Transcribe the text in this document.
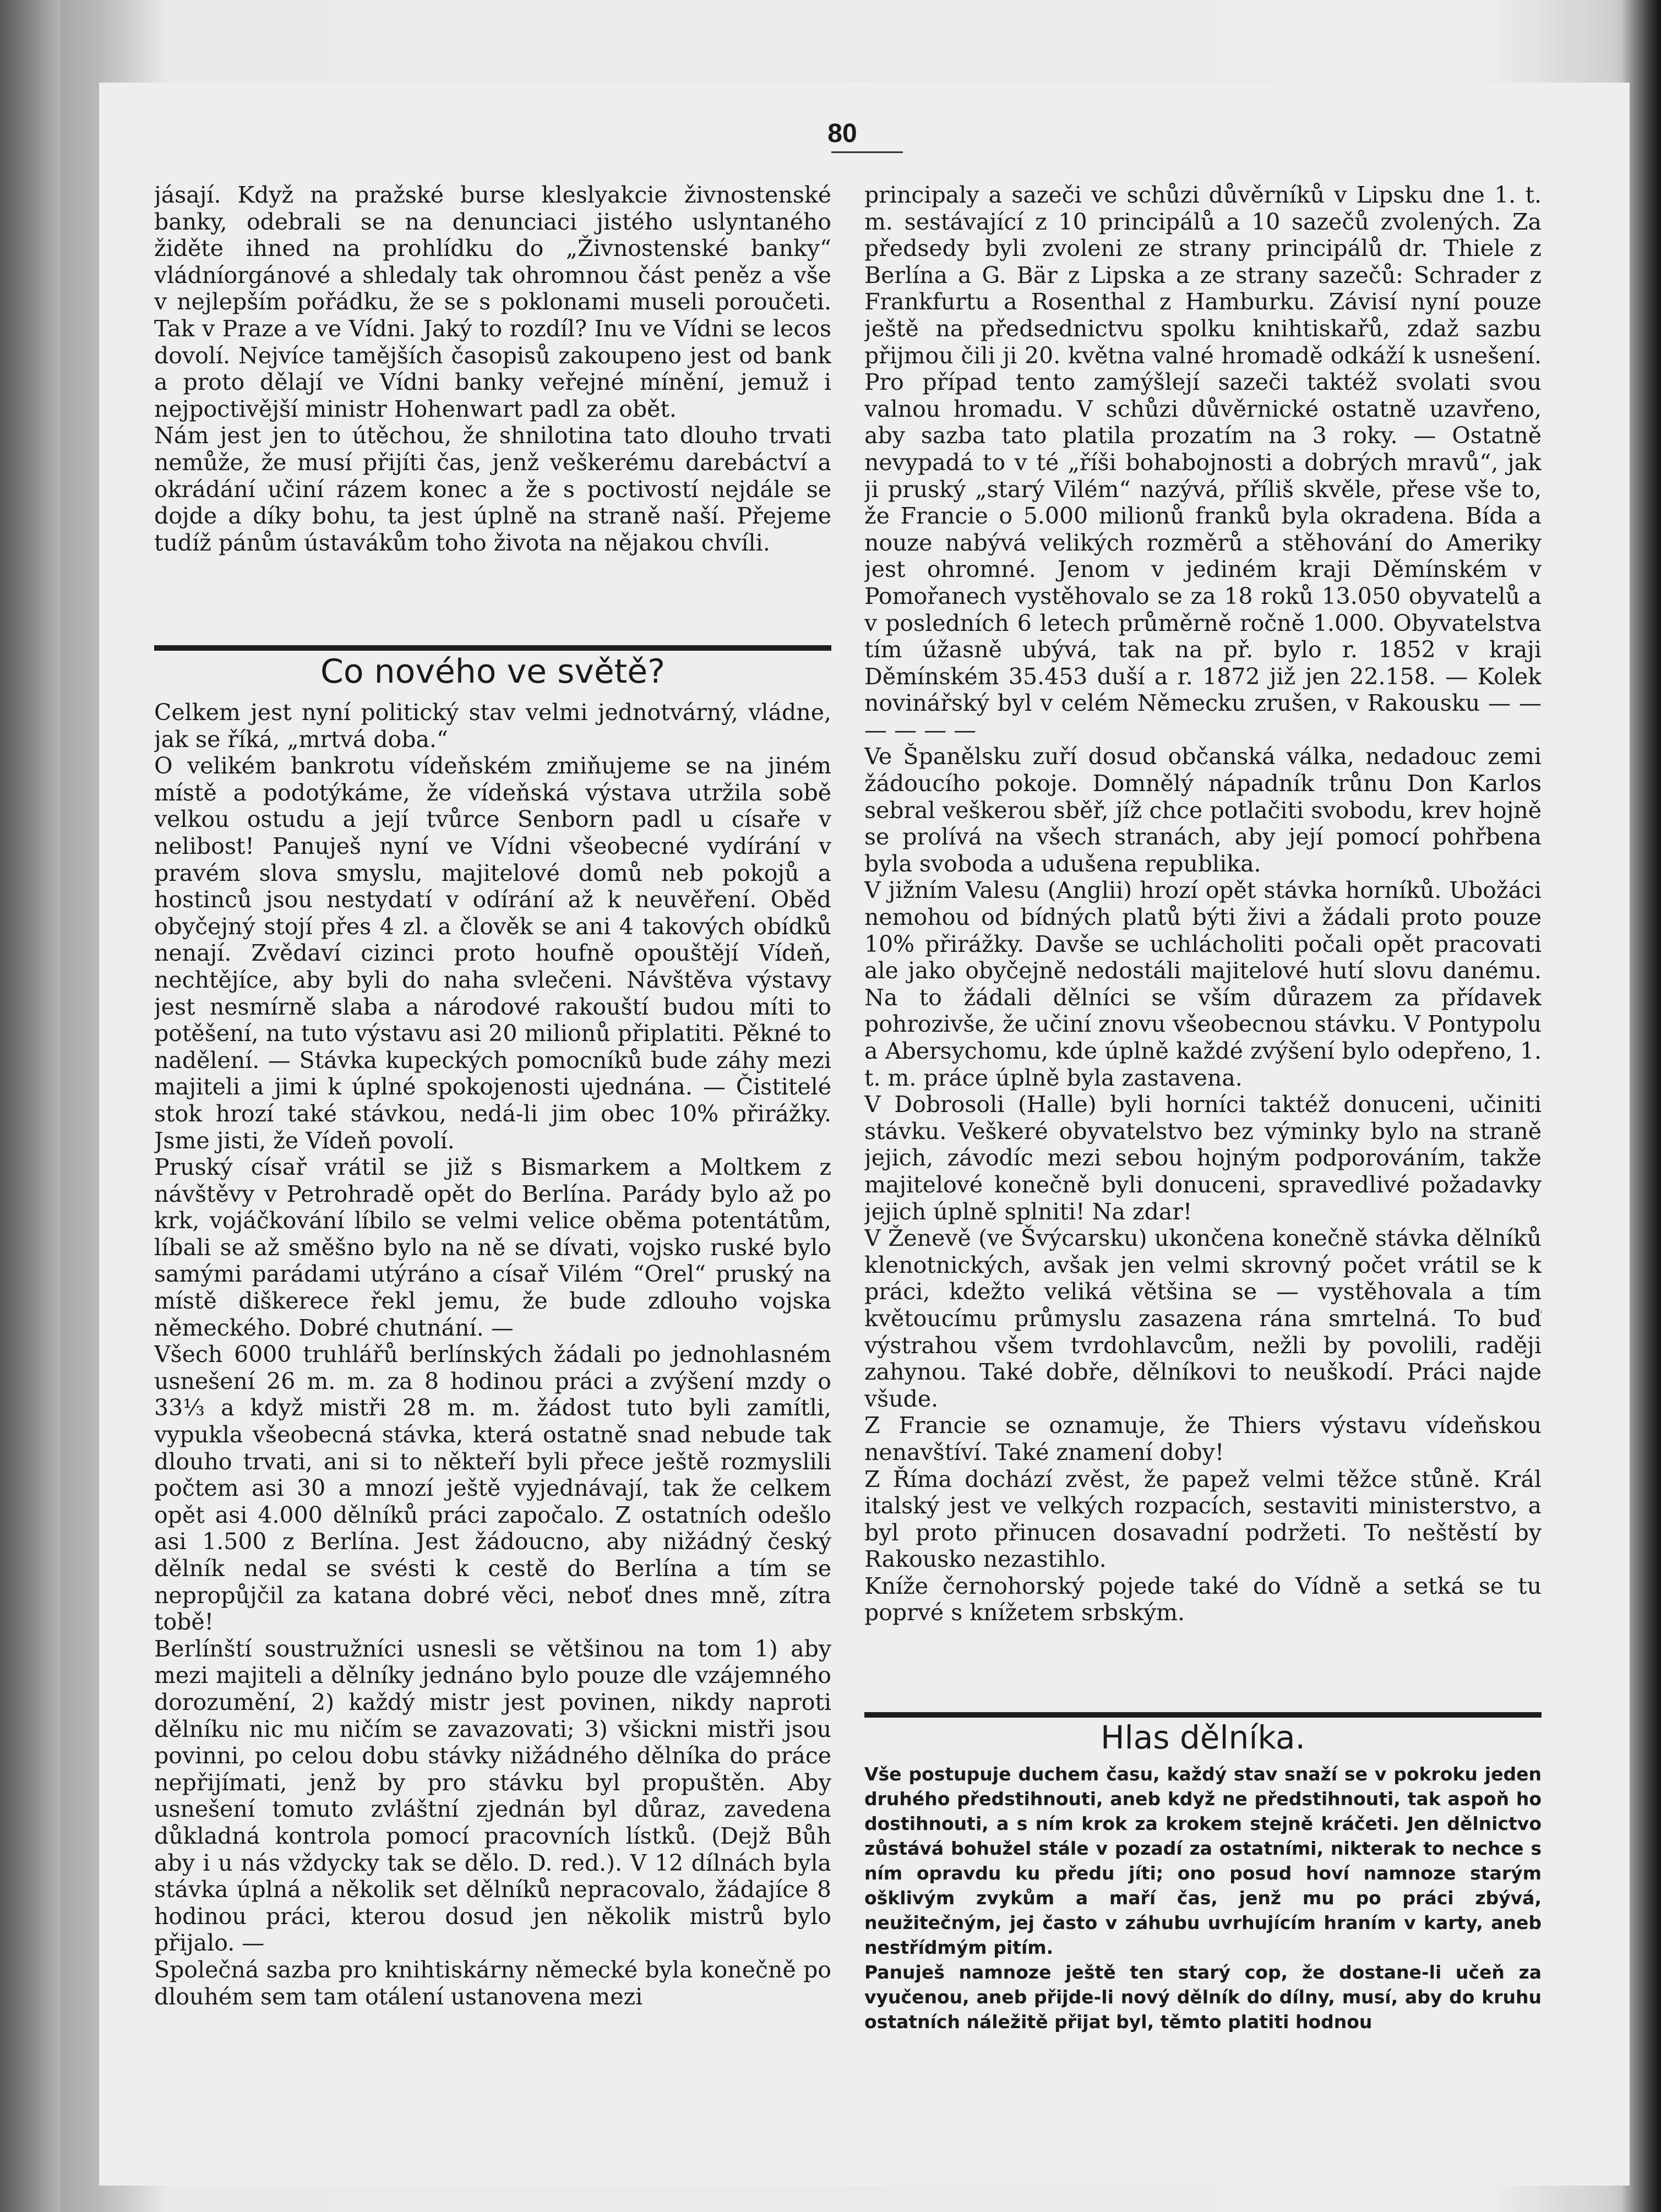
80
jásají. Když na pražské burse kleslyakcie živnostenské banky, odebrali se na denunciaci jistého uslyntaného židěte ihned na prohlídku do „Živnostenské banky“ vládníorgánové a shledaly tak ohromnou část peněz a vše v nejlepším pořádku, že se s poklonami museli poroučeti. Tak v Praze a ve Vídni. Jaký to rozdíl? Inu ve Vídni se lecos dovolí. Nejvíce tamějších časopisů zakoupeno jest od bank a proto dělají ve Vídni banky veřejné mínění, jemuž i nejpoctivější ministr Hohenwart padl za obět.
Nám jest jen to útěchou, že shnilotina tato dlouho trvati nemůže, že musí přijíti čas, jenž veškerému darebáctví a okrádání učiní rázem konec a že s poctivostí nejdále se dojde a díky bohu, ta jest úplně na straně naší. Přejeme tudíž pánům ústavákům toho života na nějakou chvíli.
Co nového ve světě?
Celkem jest nyní politický stav velmi jednotvárný, vládne, jak se říká, „mrtvá doba.“
O velikém bankrotu vídeňském zmiňujeme se na jiném místě a podotýkáme, že vídeňská výstava utržila sobě velkou ostudu a její tvůrce Senborn padl u císaře v nelibost! Panuješ nyní ve Vídni všeobecné vydírání v pravém slova smyslu, majitelové domů neb pokojů a hostinců jsou nestydatí v odírání až k neuvěření. Oběd obyčejný stojí přes 4 zl. a člověk se ani 4 takových obídků nenají. Zvědaví cizinci proto houfně opouštějí Vídeň, nechtějíce, aby byli do naha svlečeni. Návštěva výstavy jest nesmírně slaba a národové rakouští budou míti to potěšení, na tuto výstavu asi 20 milionů připlatiti. Pěkné to nadělení. — Stávka kupeckých pomocníků bude záhy mezi majiteli a jimi k úplné spokojenosti ujednána. — Čistitelé stok hrozí také stávkou, nedá-li jim obec 10% přirážky. Jsme jisti, že Vídeň povolí.
Pruský císař vrátil se již s Bismarkem a Moltkem z návštěvy v Petrohradě opět do Berlína. Parády bylo až po krk, vojáčkování líbilo se velmi velice oběma potentátům, líbali se až směšno bylo na ně se dívati, vojsko ruské bylo samými parádami utýráno a císař Vilém “Orel“ pruský na místě diškerece řekl jemu, že bude zdlouho vojska německého. Dobré chutnání. —
Všech 6000 truhlářů berlínských žádali po jednohlasném usnešení 26 m. m. za 8 hodinou práci a zvýšení mzdy o 33⅓ a když mistři 28 m. m. žádost tuto byli zamítli, vypukla všeobecná stávka, která ostatně snad nebude tak dlouho trvati, ani si to někteří byli přece ještě rozmyslili počtem asi 30 a mnozí ještě vyjednávají, tak že celkem opět asi 4.000 dělníků práci započalo. Z ostatních odešlo asi 1.500 z Berlína. Jest žádoucno, aby nižádný český dělník nedal se svésti k cestě do Berlína a tím se nepropůjčil za katana dobré věci, neboť dnes mně, zítra tobě!
Berlínští soustružníci usnesli se většinou na tom 1) aby mezi majiteli a dělníky jednáno bylo pouze dle vzájemného dorozumění, 2) každý mistr jest povinen, nikdy naproti dělníku nic mu ničím se zavazovati; 3) všickni mistři jsou povinni, po celou dobu stávky nižádného dělníka do práce nepřijímati, jenž by pro stávku byl propuštěn. Aby usnešení tomuto zvláštní zjednán byl důraz, zavedena důkladná kontrola pomocí pracovních lístků. (Dejž Bůh aby i u nás vždycky tak se dělo. D. red.). V 12 dílnách byla stávka úplná a několik set dělníků nepracovalo, žádajíce 8 hodinou práci, kterou dosud jen několik mistrů bylo přijalo. —
Společná sazba pro knihtiskárny německé byla konečně po dlouhém sem tam otálení ustanovena mezi
principaly a sazeči ve schůzi důvěrníků v Lipsku dne 1. t. m. sestávající z 10 principálů a 10 sazečů zvolených. Za předsedy byli zvoleni ze strany principálů dr. Thiele z Berlína a G. Bär z Lipska a ze strany sazečů: Schrader z Frankfurtu a Rosenthal z Hamburku. Závisí nyní pouze ještě na předsednictvu spolku knihtiskařů, zdaž sazbu přijmou čili ji 20. května valné hromadě odkáží k usnešení. Pro případ tento zamýšlejí sazeči taktéž svolati svou valnou hromadu. V schůzi důvěrnické ostatně uzavřeno, aby sazba tato platila prozatím na 3 roky. — Ostatně nevypadá to v té „říši bohabojnosti a dobrých mravů“, jak ji pruský „starý Vilém“ nazývá, příliš skvěle, přese vše to, že Francie o 5.000 milionů franků byla okradena. Bída a nouze nabývá velikých rozměrů a stěhování do Ameriky jest ohromné. Jenom v jediném kraji Děmínském v Pomořanech vystěhovalo se za 18 roků 13.050 obyvatelů a v posledních 6 letech průměrně ročně 1.000. Obyvatelstva tím úžasně ubývá, tak na př. bylo r. 1852 v kraji Děmínském 35.453 duší a r. 1872 již jen 22.158. — Kolek novinářský byl v celém Německu zrušen, v Rakousku — — — — — —
Ve Španělsku zuří dosud občanská válka, nedadouc zemi žádoucího pokoje. Domnělý nápadník trůnu Don Karlos sebral veškerou sběř, jíž chce potlačiti svobodu, krev hojně se prolívá na všech stranách, aby její pomocí pohřbena byla svoboda a udušena republika.
V jižním Valesu (Anglii) hrozí opět stávka horníků. Ubožáci nemohou od bídných platů býti živi a žádali proto pouze 10% přirážky. Davše se uchlácholiti počali opět pracovati ale jako obyčejně nedostáli majitelové hutí slovu danému. Na to žádali dělníci se vším důrazem za přídavek pohrozivše, že učiní znovu všeobecnou stávku. V Pontypolu a Abersychomu, kde úplně každé zvýšení bylo odepřeno, 1. t. m. práce úplně byla zastavena.
V Dobrosoli (Halle) byli horníci taktéž donuceni, učiniti stávku. Veškeré obyvatelstvo bez výminky bylo na straně jejich, závodíc mezi sebou hojným podporováním, takže majitelové konečně byli donuceni, spravedlivé požadavky jejich úplně splniti! Na zdar!
V Ženevě (ve Švýcarsku) ukončena konečně stávka dělníků klenotnických, avšak jen velmi skrovný počet vrátil se k práci, kdežto veliká většina se — vystěhovala a tím květoucímu průmyslu zasazena rána smrtelná. To buď výstrahou všem tvrdohlavcům, nežli by povolili, raději zahynou. Také dobře, dělníkovi to neuškodí. Práci najde všude.
Z Francie se oznamuje, že Thiers výstavu vídeňskou nenavštíví. Také znamení doby!
Z Říma dochází zvěst, že papež velmi těžce stůně. Král italský jest ve velkých rozpacích, sestaviti ministerstvo, a byl proto přinucen dosavadní podržeti. To neštěstí by Rakousko nezastihlo.
Kníže černohorský pojede také do Vídně a setká se tu poprvé s knížetem srbským.
Hlas dělníka.
Vše postupuje duchem času, každý stav snaží se v pokroku jeden druhého předstihnouti, aneb když ne předstihnouti, tak aspoň ho dostihnouti, a s ním krok za krokem stejně kráčeti. Jen dělnictvo zůstává bohužel stále v pozadí za ostatními, nikterak to nechce s ním opravdu ku předu jíti; ono posud hoví namnoze starým ošklivým zvykům a maří čas, jenž mu po práci zbývá, neužitečným, jej často v záhubu uvrhujícím hraním v karty, aneb nestřídmým pitím.
Panuješ namnoze ještě ten starý cop, že dostane-li učeň za vyučenou, aneb přijde-li nový dělník do dílny, musí, aby do kruhu ostatních náležitě přijat byl, těmto platiti hodnou
